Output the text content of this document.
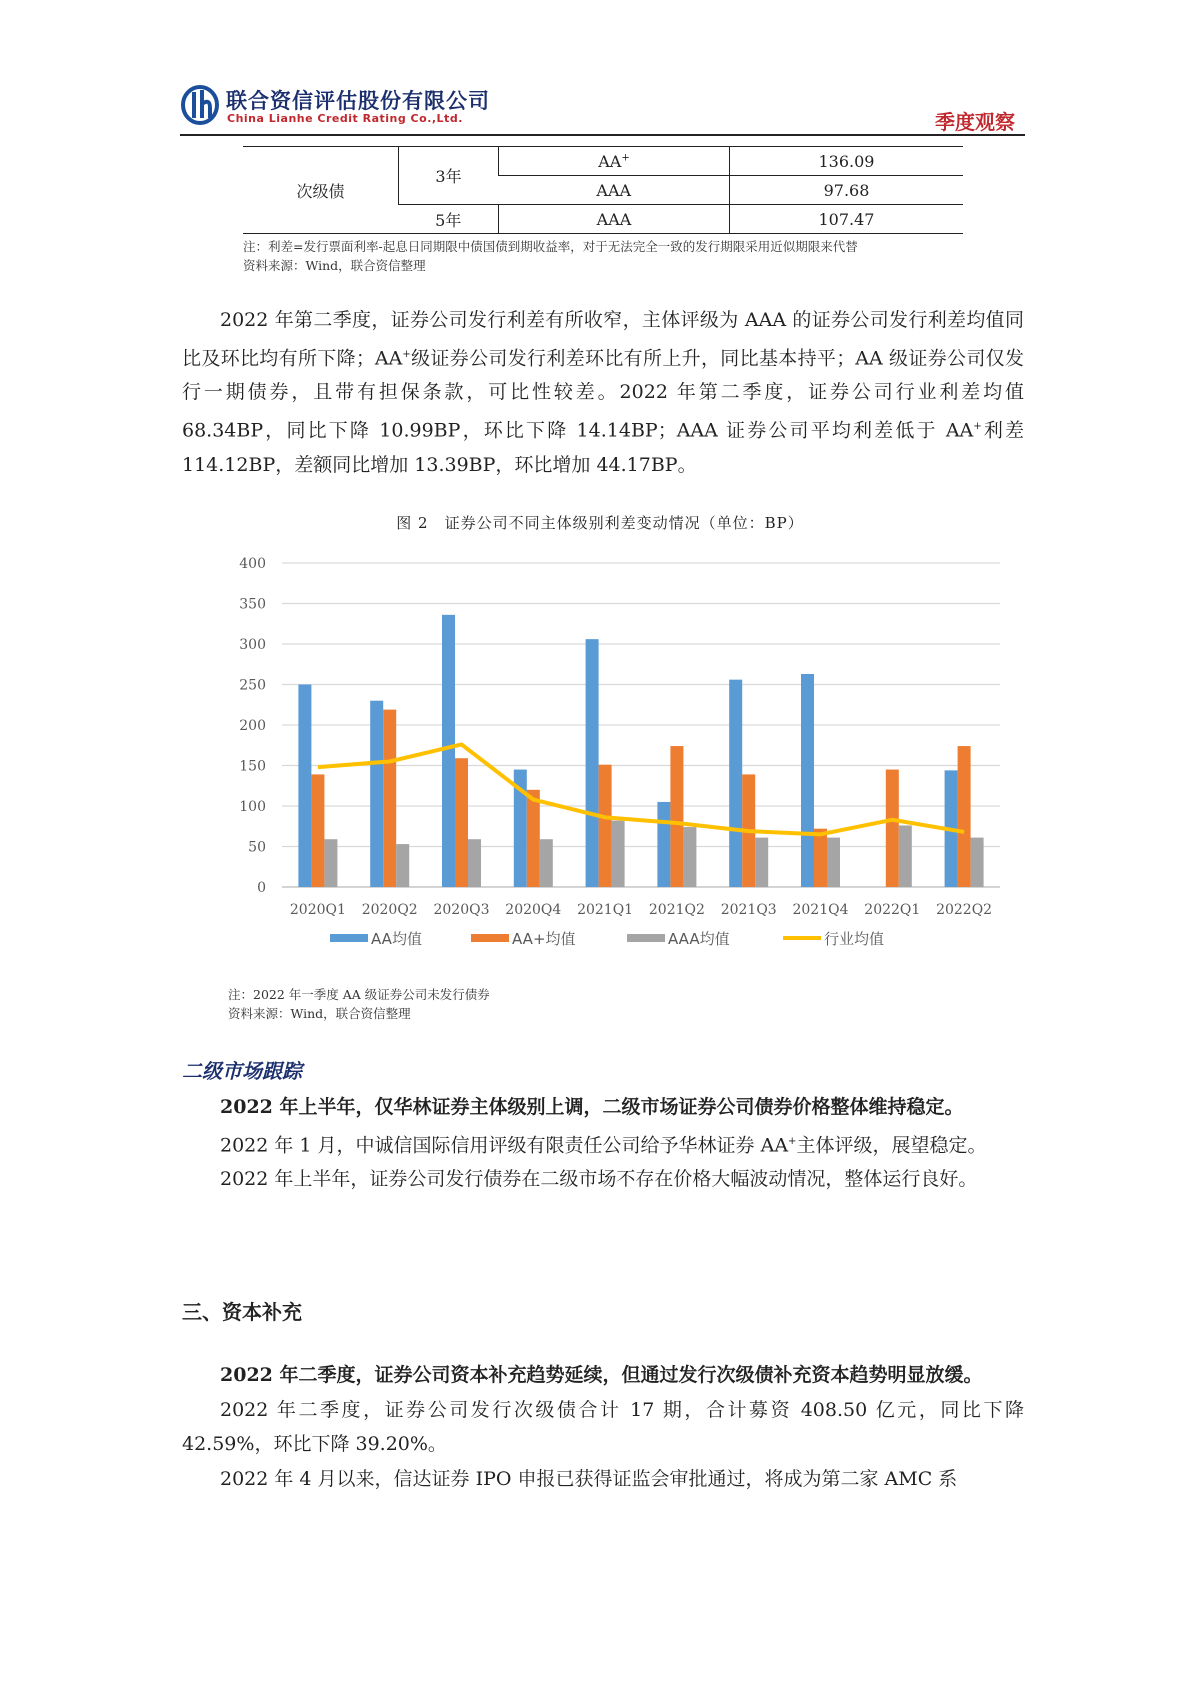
联合资信评估股份有限公司
China Lianhe Credit Rating Co.,Ltd.	季度观察
次级债	3年	AA+	136.09
		AAA	97.68
	5年	AAA	107.47
注：利差=发行票面利率-起息日同期限中债国债到期收益率，对于无法完全一致的发行期限采用近似期限来代替
资料来源：Wind，联合资信整理
2022 年第二季度，证券公司发行利差有所收窄，主体评级为 AAA 的证券公司发行利差均值同比及环比均有所下降；AA+级证券公司发行利差环比有所上升，同比基本持平；AA 级证券公司仅发行一期债券，且带有担保条款，可比性较差。2022 年第二季度，证券公司行业利差均值 68.34BP，同比下降 10.99BP，环比下降 14.14BP；AAA 证券公司平均利差低于 AA+利差 114.12BP，差额同比增加 13.39BP，环比增加 44.17BP。
图 2　证券公司不同主体级别利差变动情况（单位：BP）
0
50
100
150
200
250
300
350
400
2020Q1 2020Q2 2020Q3 2020Q4 2021Q1 2021Q2 2021Q3 2021Q4 2022Q1 2022Q2
AA均值	AA+均值	AAA均值	行业均值
注：2022 年一季度 AA 级证券公司未发行债券
资料来源：Wind，联合资信整理
二级市场跟踪
2022 年上半年，仅华林证券主体级别上调，二级市场证券公司债券价格整体维持稳定。
2022 年 1 月，中诚信国际信用评级有限责任公司给予华林证券 AA+主体评级，展望稳定。
2022 年上半年，证券公司发行债券在二级市场不存在价格大幅波动情况，整体运行良好。
三、资本补充
2022 年二季度，证券公司资本补充趋势延续，但通过发行次级债补充资本趋势明显放缓。
2022 年二季度，证券公司发行次级债合计 17 期，合计募资 408.50 亿元，同比下降 42.59%，环比下降 39.20%。
2022 年 4 月以来，信达证券 IPO 申报已获得证监会审批通过，将成为第二家 AMC 系
